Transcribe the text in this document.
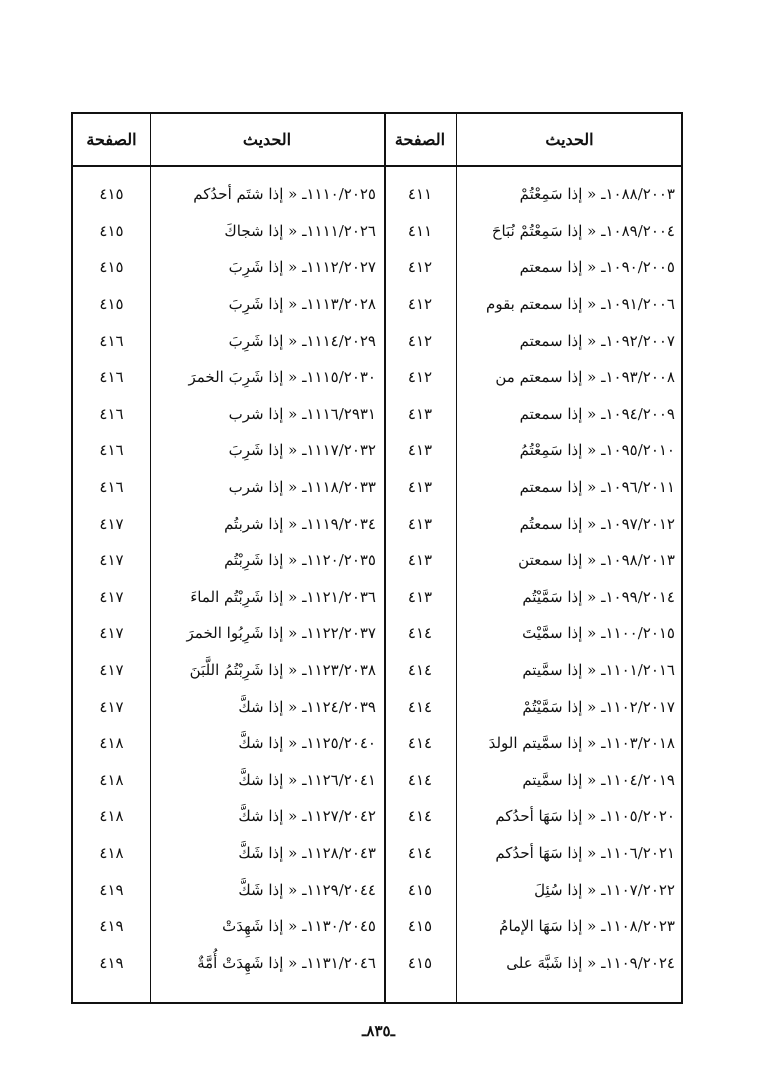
الحديث
الصفحة
الحديث
الصفحة
١٠٨٨/٢٠٠٣ـ « إذا سَمِعْتُمْ
١٠٨٩/٢٠٠٤ـ « إذا سَمِعْتُمْ نُبَاحَ
١٠٩٠/٢٠٠٥ـ « إذا سمعتم
١٠٩١/٢٠٠٦ـ « إذا سمعتم بقوم
١٠٩٢/٢٠٠٧ـ « إذا سمعتم
١٠٩٣/٢٠٠٨ـ « إذا سمعتم من
١٠٩٤/٢٠٠٩ـ « إذا سمعتم
١٠٩٥/٢٠١٠ـ « إذا سَمِعْتُمُ
١٠٩٦/٢٠١١ـ « إذا سمعتم
١٠٩٧/٢٠١٢ـ « إذا سمعتُم
١٠٩٨/٢٠١٣ـ « إذا سمعتن
١٠٩٩/٢٠١٤ـ « إذا سَمَّيْتُم
١١٠٠/٢٠١٥ـ « إذا سمَّيْتَ
١١٠١/٢٠١٦ـ « إذا سمَّيتم
١١٠٢/٢٠١٧ـ « إذا سَمَّيْتُمْ
١١٠٣/٢٠١٨ـ « إذا سمَّيتم الولدَ
١١٠٤/٢٠١٩ـ « إذا سمَّيتم
١١٠٥/٢٠٢٠ـ « إذا سَهَا أحدُكم
١١٠٦/٢٠٢١ـ « إذا سَهَا أحدُكم
١١٠٧/٢٠٢٢ـ « إذا سُئِلَ
١١٠٨/٢٠٢٣ـ « إذا سَهَا الإمامُ
١١٠٩/٢٠٢٤ـ « إذا شَبَّهَ على
٤١١
٤١١
٤١٢
٤١٢
٤١٢
٤١٢
٤١٣
٤١٣
٤١٣
٤١٣
٤١٣
٤١٣
٤١٤
٤١٤
٤١٤
٤١٤
٤١٤
٤١٤
٤١٤
٤١٥
٤١٥
٤١٥
١١١٠/٢٠٢٥ـ « إذا شتَم أحدُكم
١١١١/٢٠٢٦ـ « إذا شجاكَ
١١١٢/٢٠٢٧ـ « إذا شَرِبَ
١١١٣/٢٠٢٨ـ « إذا شَرِبَ
١١١٤/٢٠٢٩ـ « إذا شَرِبَ
١١١٥/٢٠٣٠ـ « إذا شَرِبَ الخمرَ
١١١٦/٢٩٣١ـ « إذا شرب
١١١٧/٢٠٣٢ـ « إذا شَرِبَ
١١١٨/٢٠٣٣ـ « إذا شرب
١١١٩/٢٠٣٤ـ « إذا شربتُم
١١٢٠/٢٠٣٥ـ « إذا شَرِبْتُم
١١٢١/٢٠٣٦ـ « إذا شَرِبْتُم الماءَ
١١٢٢/٢٠٣٧ـ « إذا شَرِبُوا الخمرَ
١١٢٣/٢٠٣٨ـ « إذا شَرِبْتُمُ اللَّبَنَ
١١٢٤/٢٠٣٩ـ « إذا شكَّ
١١٢٥/٢٠٤٠ـ « إذا شكَّ
١١٢٦/٢٠٤١ـ « إذا شكَّ
١١٢٧/٢٠٤٢ـ « إذا شكَّ
١١٢٨/٢٠٤٣ـ « إذا شَكَّ
١١٢٩/٢٠٤٤ـ « إذا شَكَّ
١١٣٠/٢٠٤٥ـ « إذا شَهِدَتْ
١١٣١/٢٠٤٦ـ « إذا شَهِدَتْ أُمَّةٌ
٤١٥
٤١٥
٤١٥
٤١٥
٤١٦
٤١٦
٤١٦
٤١٦
٤١٦
٤١٧
٤١٧
٤١٧
٤١٧
٤١٧
٤١٧
٤١٨
٤١٨
٤١٨
٤١٨
٤١٩
٤١٩
٤١٩
ـ٨٣٥ـ
